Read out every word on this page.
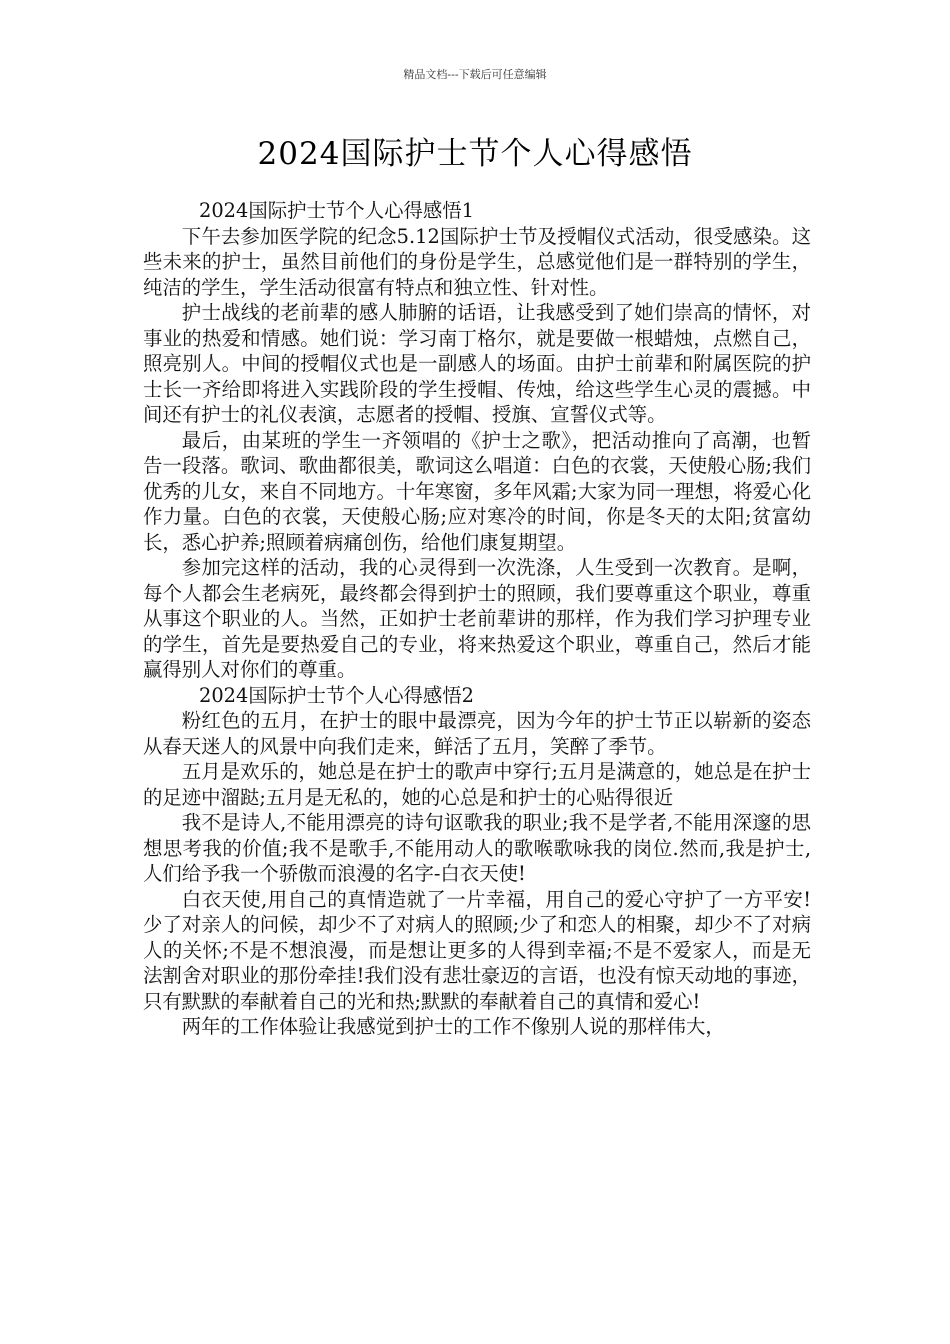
精品文档---下载后可任意编辑
2024国际护士节个人心得感悟

2024国际护士节个人心得感悟1

下午去参加医学院的纪念5.12国际护士节及授帽仪式活动，很受感染。这些未来的护士，虽然目前他们的身份是学生，总感觉他们是一群特别的学生，纯洁的学生，学生活动很富有特点和独立性、针对性。

护士战线的老前辈的感人肺腑的话语，让我感受到了她们崇高的情怀，对事业的热爱和情感。她们说：学习南丁格尔，就是要做一根蜡烛，点燃自己，照亮别人。中间的授帽仪式也是一副感人的场面。由护士前辈和附属医院的护士长一齐给即将进入实践阶段的学生授帽、传烛，给这些学生心灵的震撼。中间还有护士的礼仪表演，志愿者的授帽、授旗、宣誓仪式等。

最后，由某班的学生一齐领唱的《护士之歌》，把活动推向了高潮，也暂告一段落。歌词、歌曲都很美，歌词这么唱道：白色的衣裳，天使般心肠;我们优秀的儿女，来自不同地方。十年寒窗，多年风霜;大家为同一理想，将爱心化作力量。白色的衣裳，天使般心肠;应对寒冷的时间，你是冬天的太阳;贫富幼长，悉心护养;照顾着病痛创伤，给他们康复期望。

参加完这样的活动，我的心灵得到一次洗涤，人生受到一次教育。是啊，每个人都会生老病死，最终都会得到护士的照顾，我们要尊重这个职业，尊重从事这个职业的人。当然，正如护士老前辈讲的那样，作为我们学习护理专业的学生，首先是要热爱自己的专业，将来热爱这个职业，尊重自己，然后才能赢得别人对你们的尊重。

2024国际护士节个人心得感悟2

粉红色的五月，在护士的眼中最漂亮，因为今年的护士节正以崭新的姿态从春天迷人的风景中向我们走来，鲜活了五月，笑醉了季节。

五月是欢乐的，她总是在护士的歌声中穿行;五月是满意的，她总是在护士的足迹中溜跶;五月是无私的，她的心总是和护士的心贴得很近

我不是诗人,不能用漂亮的诗句讴歌我的职业;我不是学者,不能用深邃的思想思考我的价值;我不是歌手,不能用动人的歌喉歌咏我的岗位.然而,我是护士,人们给予我一个骄傲而浪漫的名字-白衣天使!

白衣天使,用自己的真情造就了一片幸福，用自己的爱心守护了一方平安!少了对亲人的问候，却少不了对病人的照顾;少了和恋人的相聚，却少不了对病人的关怀;不是不想浪漫，而是想让更多的人得到幸福;不是不爱家人，而是无法割舍对职业的那份牵挂!我们没有悲壮豪迈的言语，也没有惊天动地的事迹，只有默默的奉献着自己的光和热;默默的奉献着自己的真情和爱心!

两年的工作体验让我感觉到护士的工作不像别人说的那样伟大，
